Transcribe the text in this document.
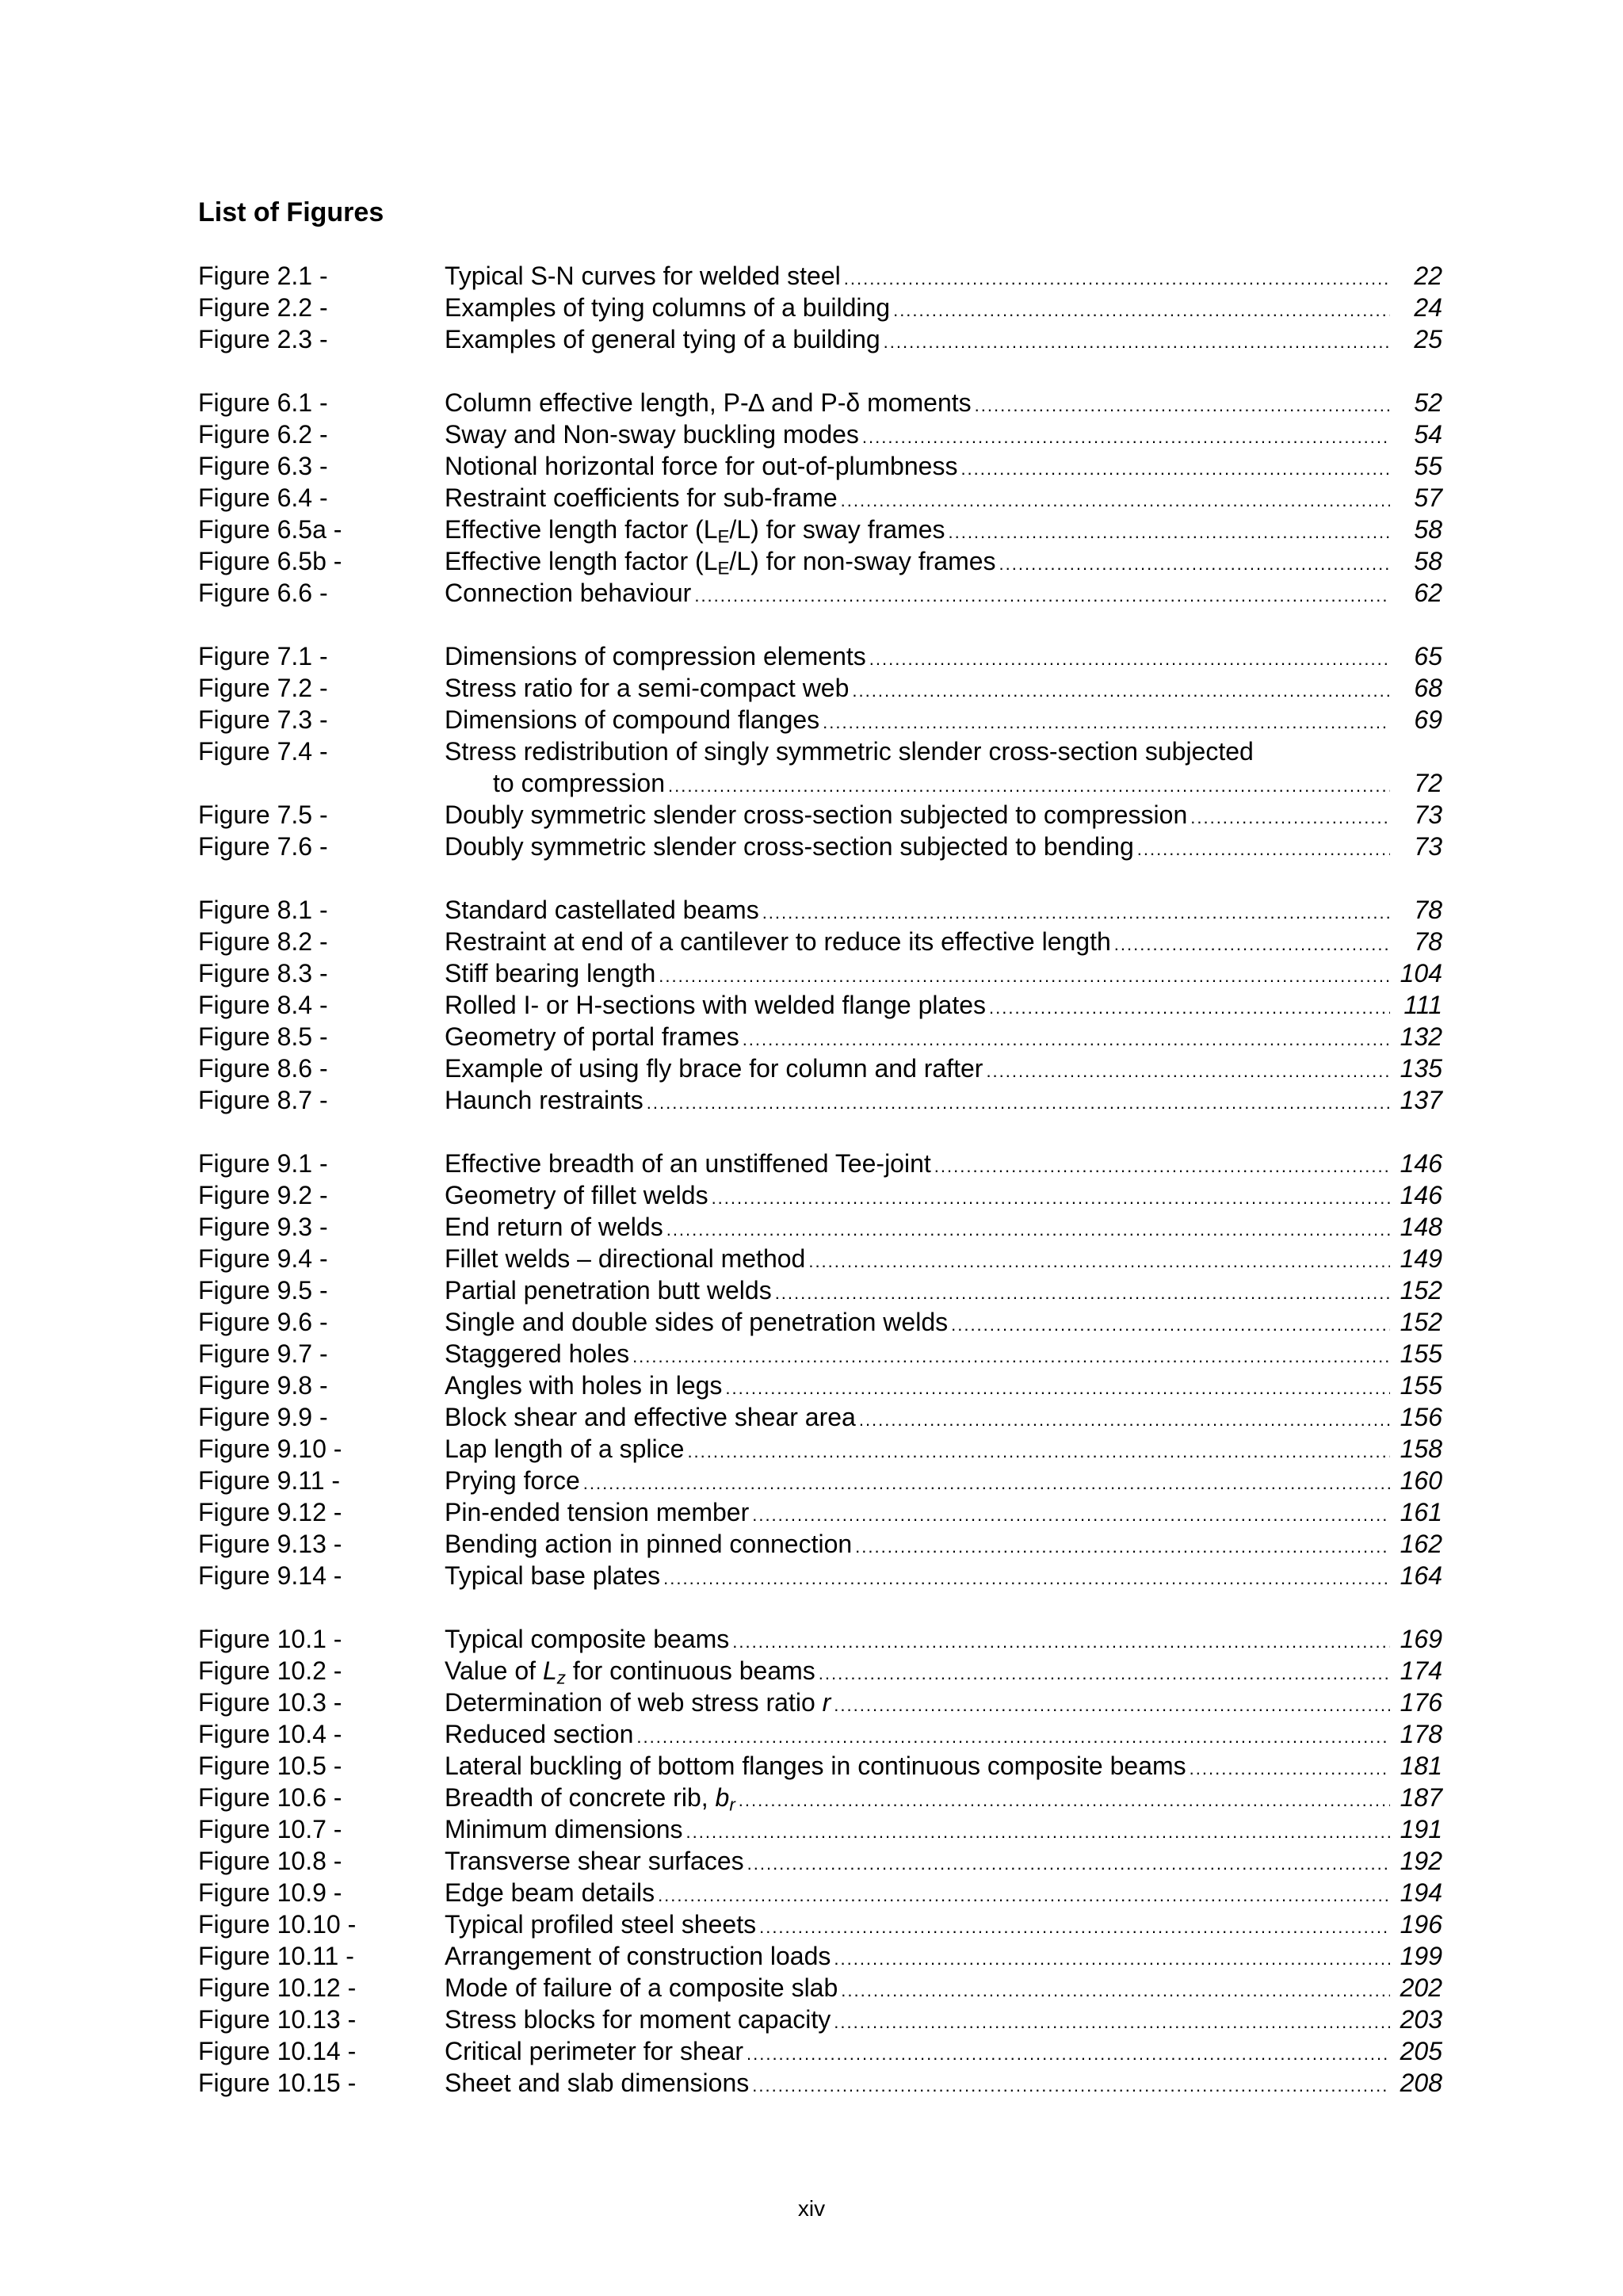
List of Figures
Figure 2.1 -	Typical S-N curves for welded steel .....	22
Figure 2.2 -	Examples of tying columns of a building .....	24
Figure 2.3 -	Examples of general tying of a building .....	25
Figure 6.1 -	Column effective length, P-∆ and P-δ moments .....	52
Figure 6.2 -	Sway and Non-sway buckling modes .....	54
Figure 6.3 -	Notional horizontal force for out-of-plumbness .....	55
Figure 6.4 -	Restraint coefficients for sub-frame .....	57
Figure 6.5a -	Effective length factor $(L_E/L)$ for sway frames .....	58
Figure 6.5b -	Effective length factor $(L_E/L)$ for non-sway frames .....	58
Figure 6.6 -	Connection behaviour .....	62
Figure 7.1 -	Dimensions of compression elements .....	65
Figure 7.2 -	Stress ratio for a semi-compact web .....	68
Figure 7.3 -	Dimensions of compound flanges .....	69
Figure 7.4 -	Stress redistribution of singly symmetric slender cross-section subjected
to compression .....	72
Figure 7.5 -	Doubly symmetric slender cross-section subjected to compression .....	73
Figure 7.6 -	Doubly symmetric slender cross-section subjected to bending .....	73
Figure 8.1 -	Standard castellated beams .....	78
Figure 8.2 -	Restraint at end of a cantilever to reduce its effective length .....	78
Figure 8.3 -	Stiff bearing length .....	104
Figure 8.4 -	Rolled I- or H-sections with welded flange plates .....	111
Figure 8.5 -	Geometry of portal frames .....	132
Figure 8.6 -	Example of using fly brace for column and rafter .....	135
Figure 8.7 -	Haunch restraints .....	137
Figure 9.1 -	Effective breadth of an unstiffened Tee-joint .....	146
Figure 9.2 -	Geometry of fillet welds .....	146
Figure 9.3 -	End return of welds .....	148
Figure 9.4 -	Fillet welds – directional method .....	149
Figure 9.5 -	Partial penetration butt welds .....	152
Figure 9.6 -	Single and double sides of penetration welds .....	152
Figure 9.7 -	Staggered holes .....	155
Figure 9.8 -	Angles with holes in legs .....	155
Figure 9.9 -	Block shear and effective shear area .....	156
Figure 9.10 -	Lap length of a splice .....	158
Figure 9.11 -	Prying force .....	160
Figure 9.12 -	Pin-ended tension member .....	161
Figure 9.13 -	Bending action in pinned connection .....	162
Figure 9.14 -	Typical base plates .....	164
Figure 10.1 -	Typical composite beams .....	169
Figure 10.2 -	Value of $L_z$ for continuous beams .....	174
Figure 10.3 -	Determination of web stress ratio r .....	176
Figure 10.4 -	Reduced section .....	178
Figure 10.5 -	Lateral buckling of bottom flanges in continuous composite beams .....	181
Figure 10.6 -	Breadth of concrete rib, $b_r$ .....	187
Figure 10.7 -	Minimum dimensions .....	191
Figure 10.8 -	Transverse shear surfaces .....	192
Figure 10.9 -	Edge beam details .....	194
Figure 10.10 -	Typical profiled steel sheets .....	196
Figure 10.11 -	Arrangement of construction loads .....	199
Figure 10.12 -	Mode of failure of a composite slab .....	202
Figure 10.13 -	Stress blocks for moment capacity .....	203
Figure 10.14 -	Critical perimeter for shear .....	205
Figure 10.15 -	Sheet and slab dimensions .....	208
xiv
